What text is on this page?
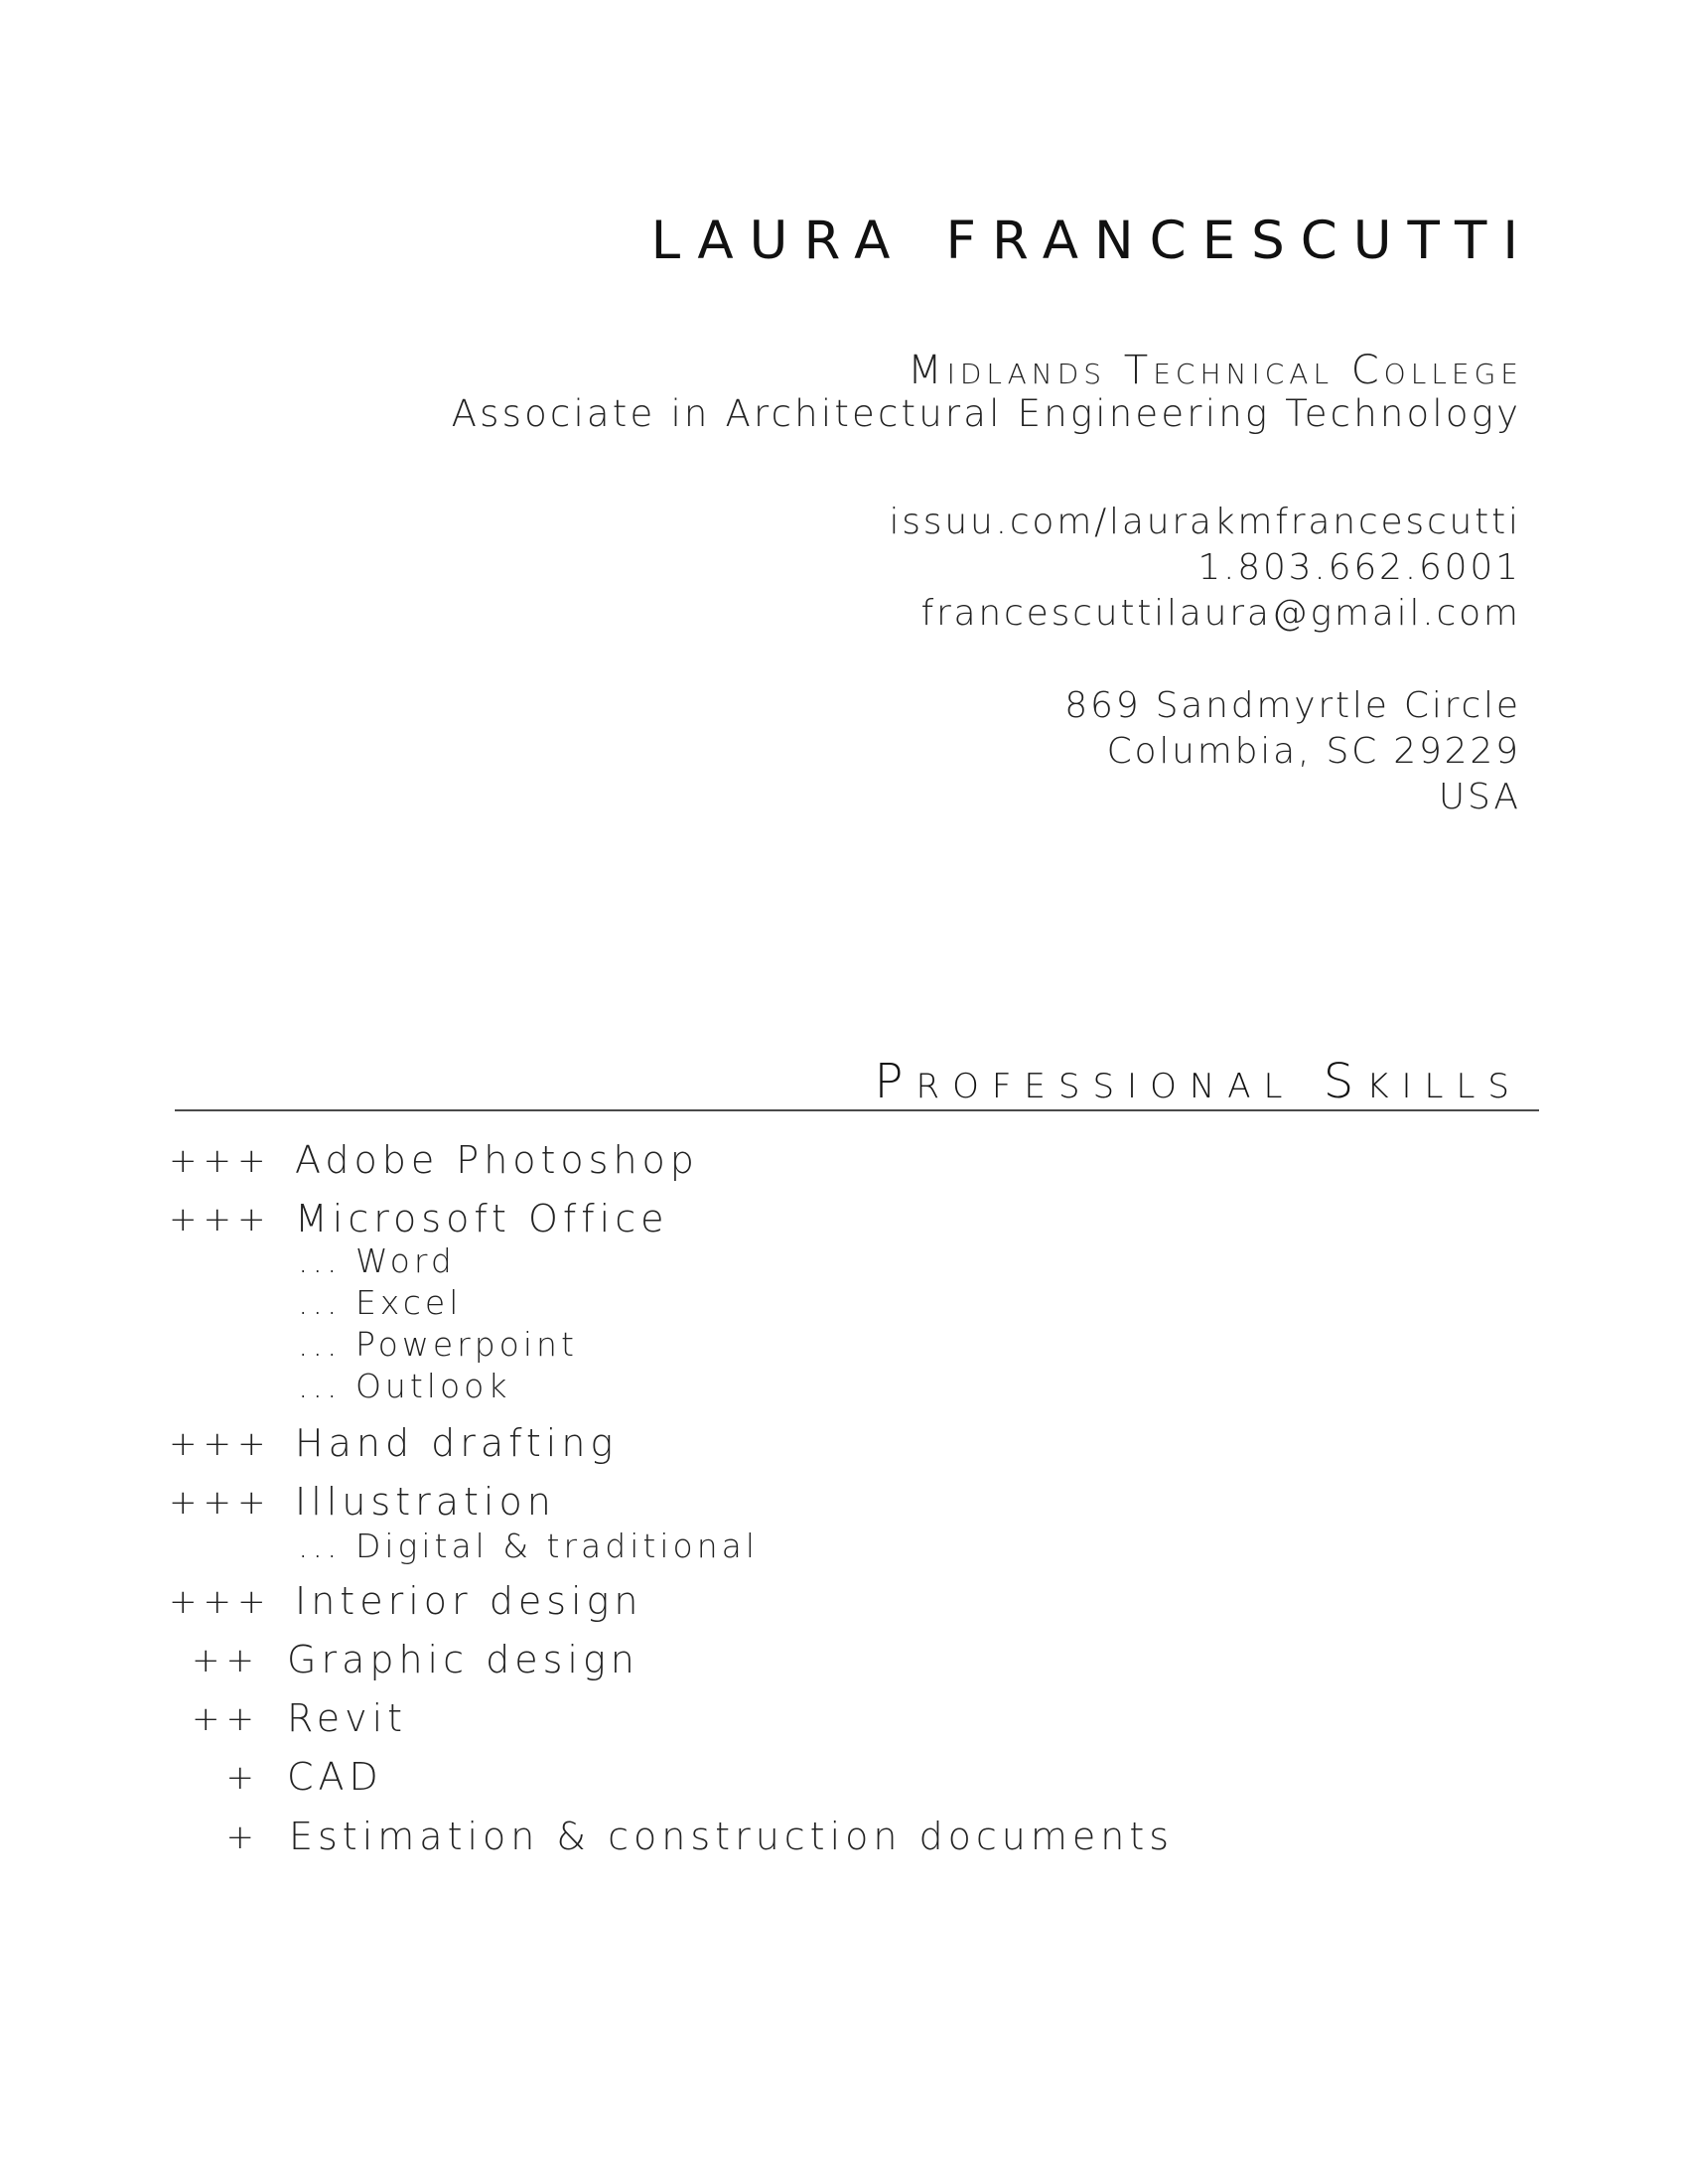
laura francescutti
Midlands Technical College
Associate in Architectural Engineering Technology
issuu.com/laurakmfrancescutti
1.803.662.6001
francescuttilaura@gmail.com
869 Sandmyrtle Circle
Columbia, SC 29229
USA
Professional Skills
+++ Adobe Photoshop
+++ Microsoft Office
... Word
... Excel
... Powerpoint
... Outlook
+++ Hand drafting
+++ Illustration
... Digital & traditional
+++ Interior design
++ Graphic design
++ Revit
+ CAD
+ Estimation & construction documents
